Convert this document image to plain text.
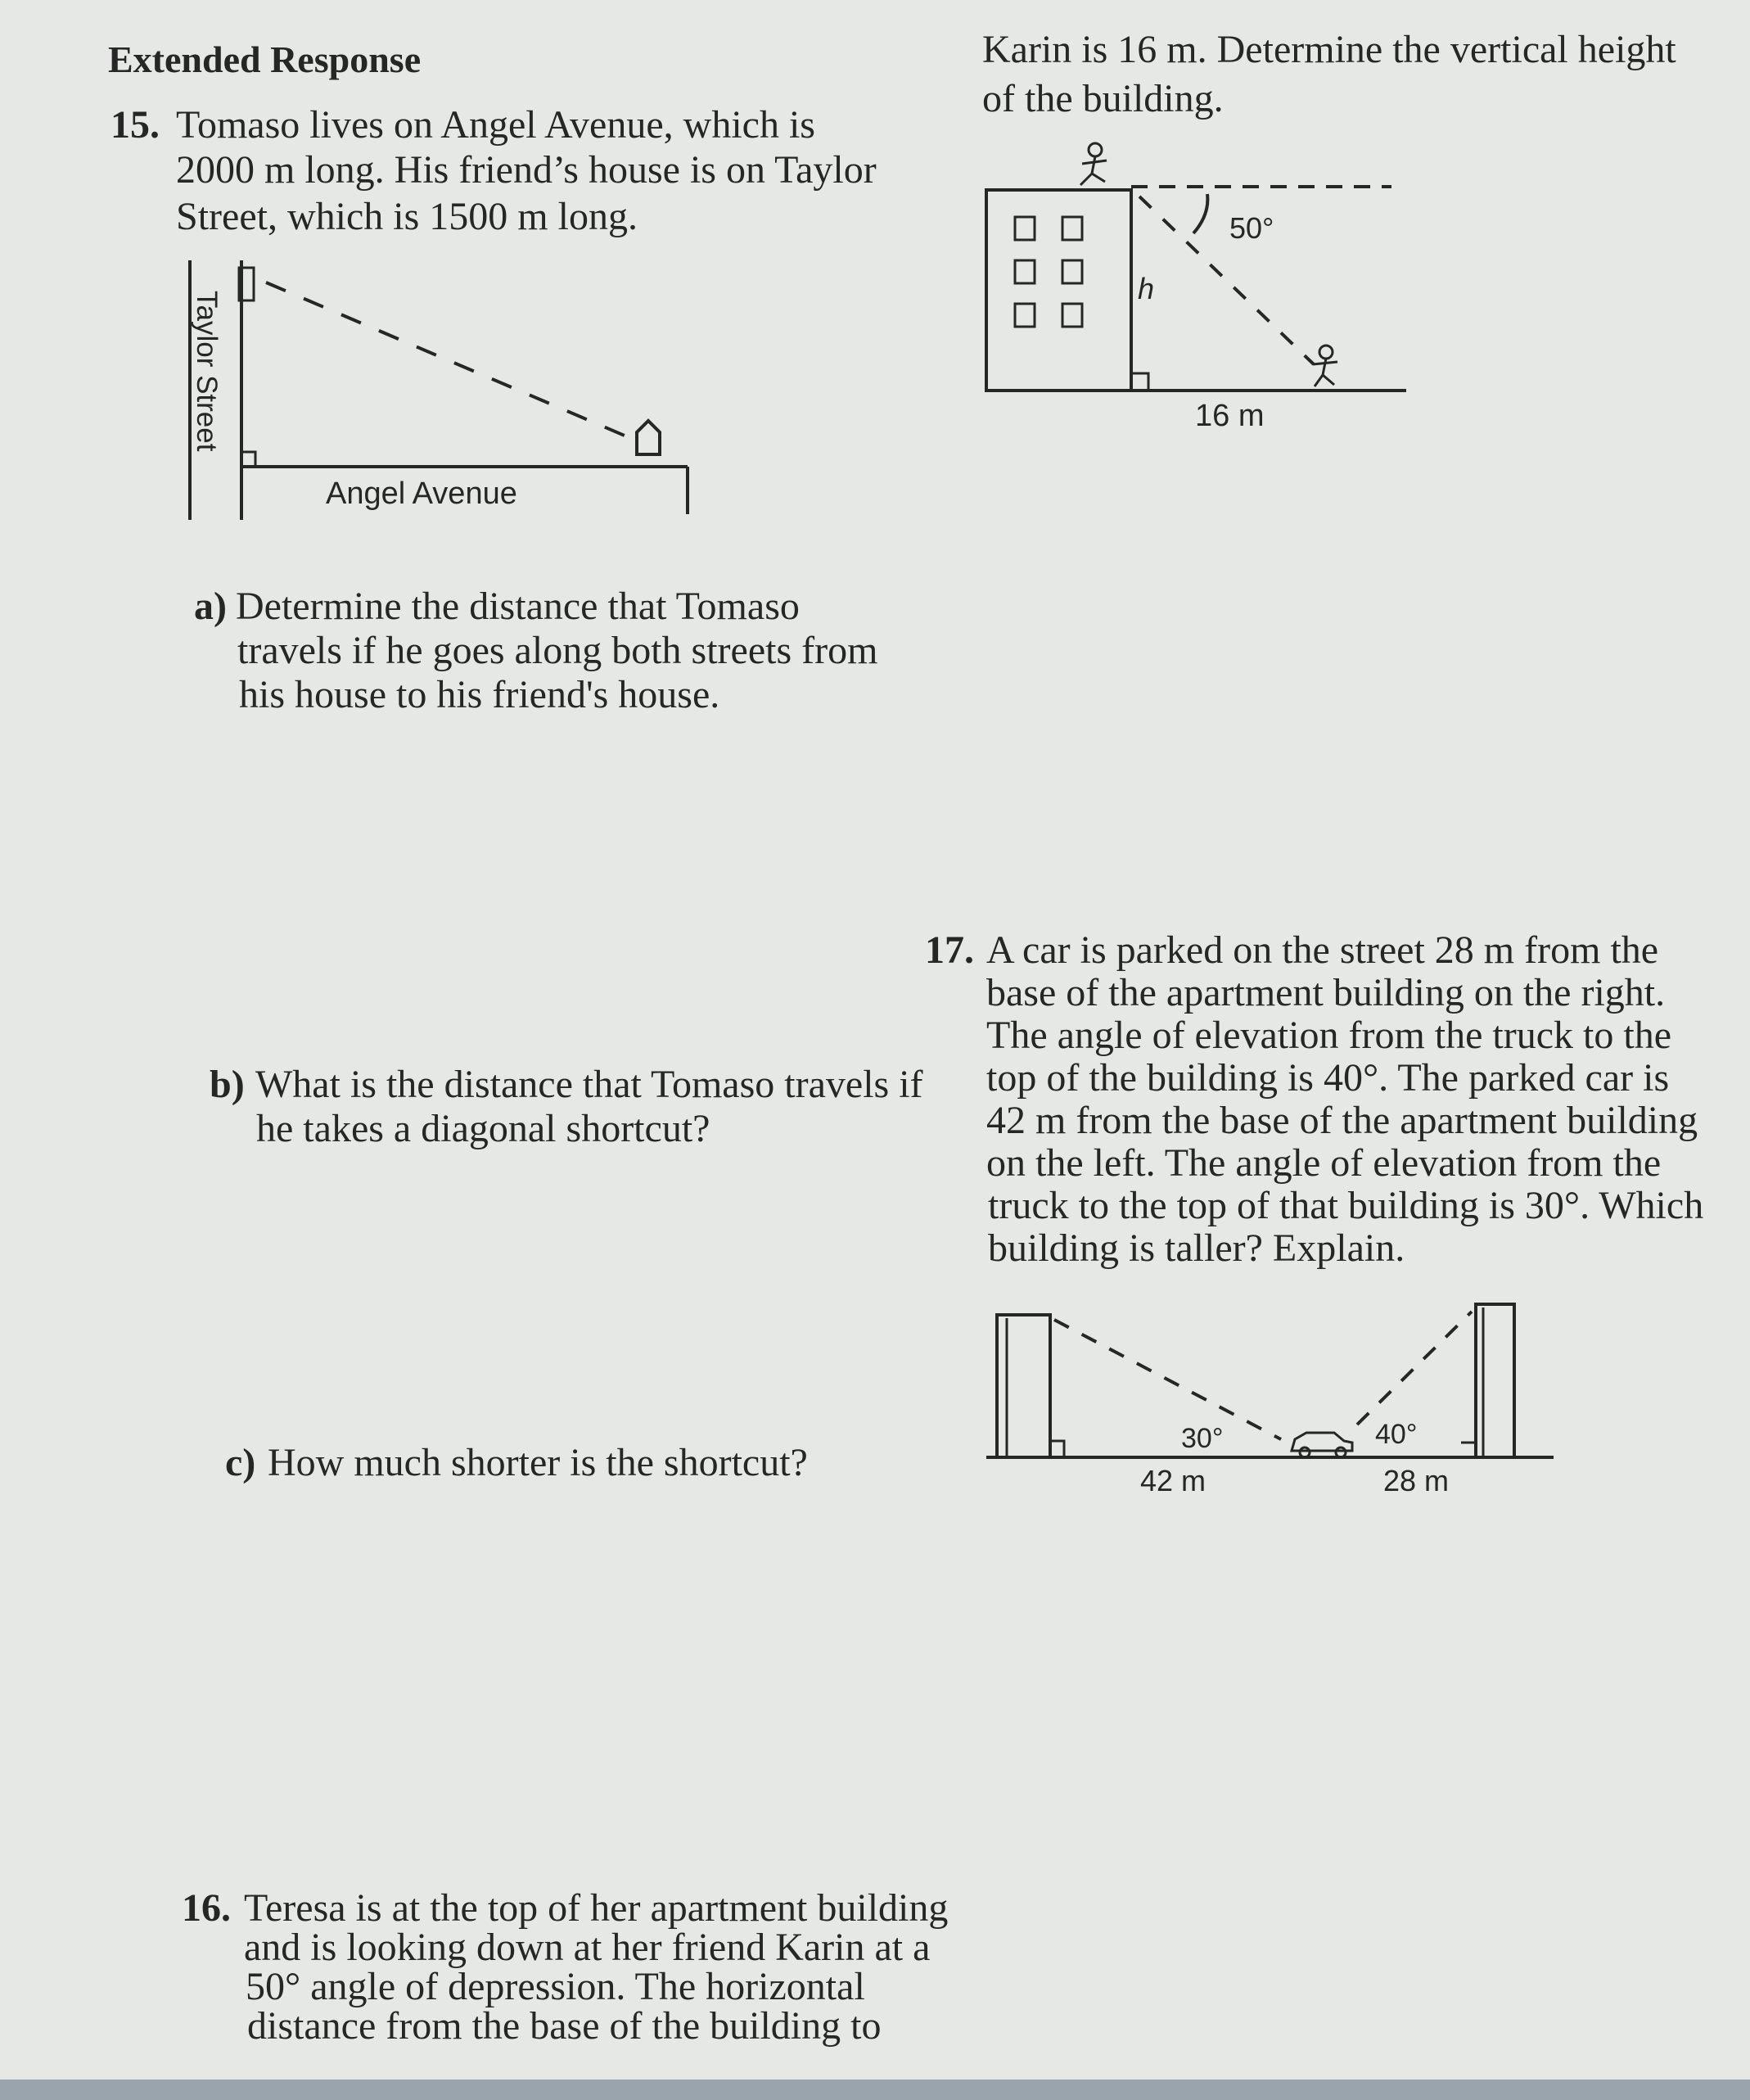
Extended Response
15. Tomaso lives on Angel Avenue, which is
2000 m long. His friend’s house is on Taylor
Street, which is 1500 m long.
Taylor Street
Angel Avenue
a) Determine the distance that Tomaso
travels if he goes along both streets from
his house to his friend's house.
b) What is the distance that Tomaso travels if
he takes a diagonal shortcut?
c) How much shorter is the shortcut?
16. Teresa is at the top of her apartment building
and is looking down at her friend Karin at a
50° angle of depression. The horizontal
distance from the base of the building to
Karin is 16 m. Determine the vertical height
of the building.
50°
h
16 m
17. A car is parked on the street 28 m from the
base of the apartment building on the right.
The angle of elevation from the truck to the
top of the building is 40°. The parked car is
42 m from the base of the apartment building
on the left. The angle of elevation from the
truck to the top of that building is 30°. Which
building is taller? Explain.
30°	40°
42 m	28 m
